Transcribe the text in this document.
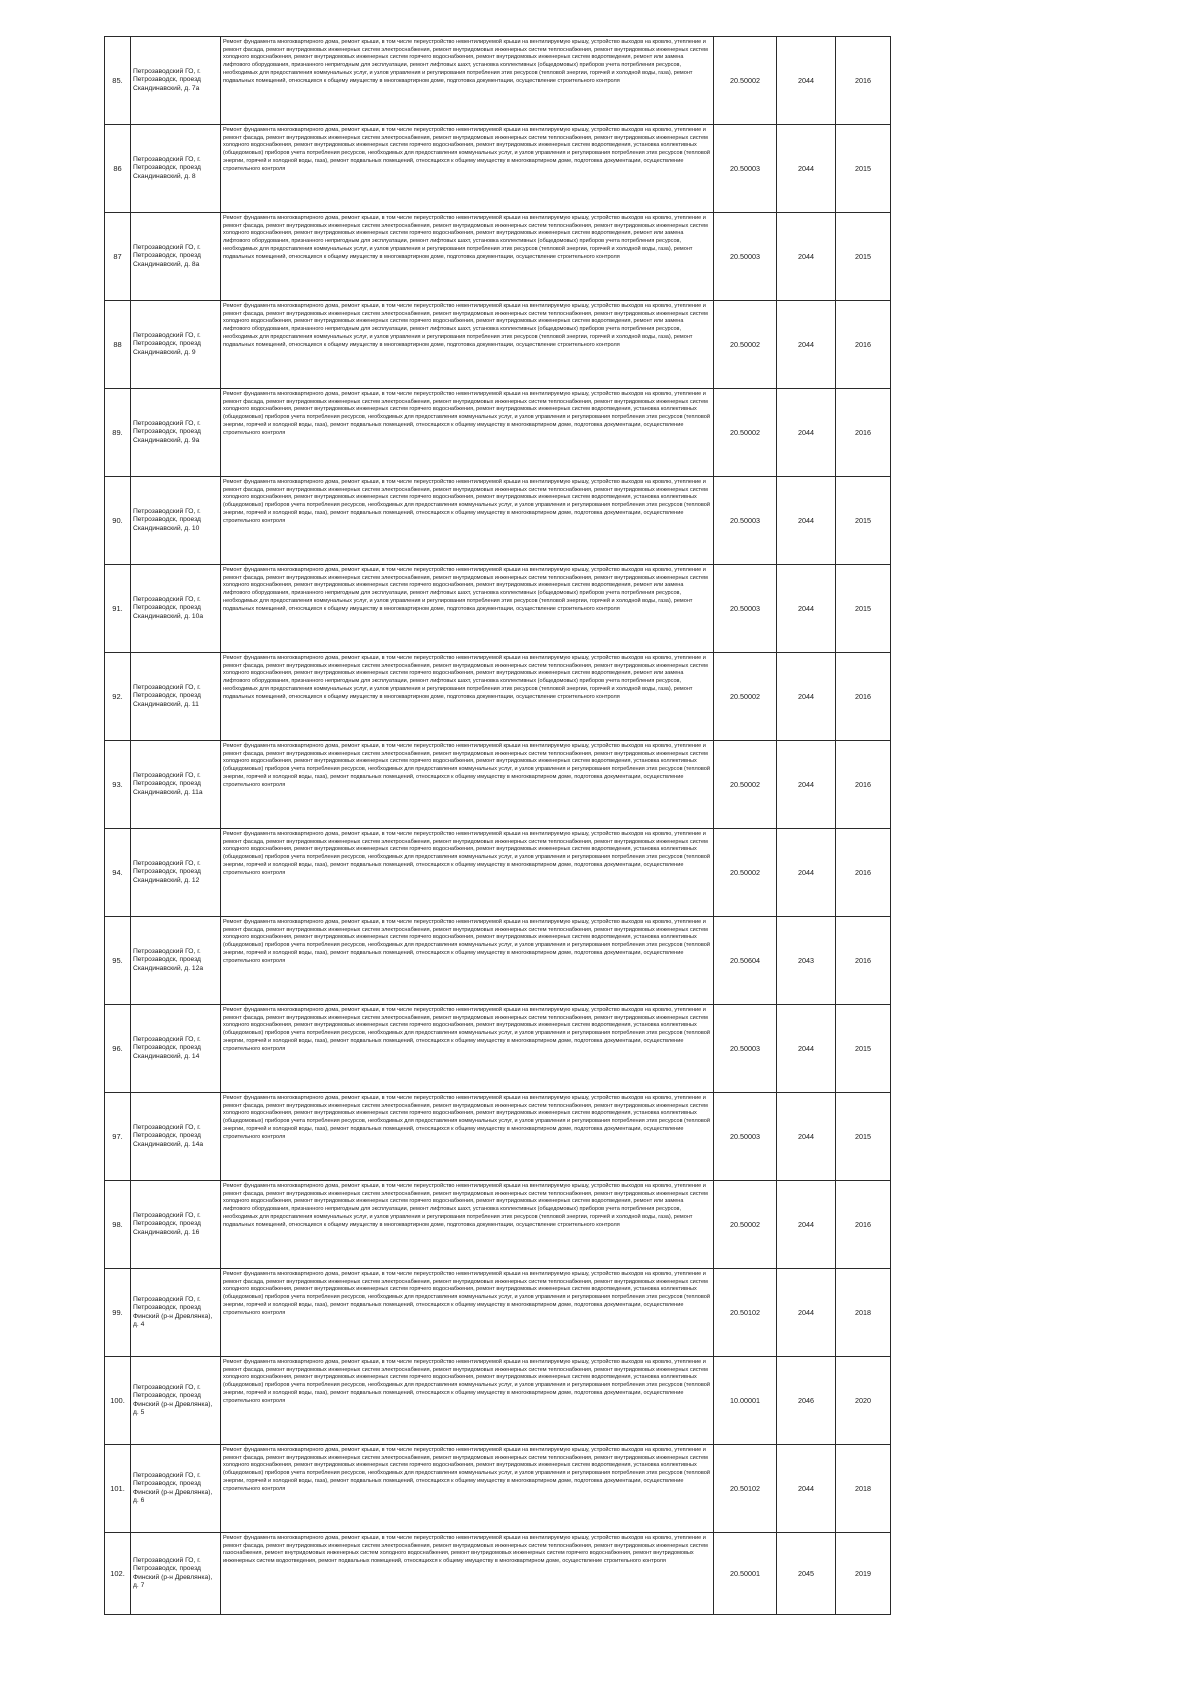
85.	Петрозаводский ГО, г. Петрозаводск, проезд Скандинавский, д. 7а	Ремонт фундамента многоквартирного дома, ремонт крыши, в том числе переустройство невентилируемой крыши на вентилируемую крышу, устройство выходов на кровлю, утепление и ремонт фасада, ремонт внутридомовых инженерных систем электроснабжения, ремонт внутридомовых инженерных систем теплоснабжения, ремонт внутридомовых инженерных систем холодного водоснабжения, ремонт внутридомовых инженерных систем горячего водоснабжения, ремонт внутридомовых инженерных систем водоотведения, ремонт или замена лифтового оборудования, признанного непригодным для эксплуатации, ремонт лифтовых шахт, установка коллективных (общедомовых) приборов учета потребления ресурсов, необходимых для предоставления коммунальных услуг, и узлов управления и регулирования потребления этих ресурсов (тепловой энергии, горячей и холодной воды, газа), ремонт подвальных помещений, относящихся к общему имуществу в многоквартирном доме, подготовка документации, осуществление строительного контроля	20.50002	2044	2016
86	Петрозаводский ГО, г. Петрозаводск, проезд Скандинавский, д. 8	Ремонт фундамента многоквартирного дома, ремонт крыши, в том числе переустройство невентилируемой крыши на вентилируемую крышу, устройство выходов на кровлю, утепление и ремонт фасада, ремонт внутридомовых инженерных систем электроснабжения, ремонт внутридомовых инженерных систем теплоснабжения, ремонт внутридомовых инженерных систем холодного водоснабжения, ремонт внутридомовых инженерных систем горячего водоснабжения, ремонт внутридомовых инженерных систем водоотведения, установка коллективных (общедомовых) приборов учета потребления ресурсов, необходимых для предоставления коммунальных услуг, и узлов управления и регулирования потребления этих ресурсов (тепловой энергии, горячей и холодной воды, газа), ремонт подвальных помещений, относящихся к общему имуществу в многоквартирном доме, подготовка документации, осуществление строительного контроля	20.50003	2044	2015
87	Петрозаводский ГО, г. Петрозаводск, проезд Скандинавский, д. 8а	Ремонт фундамента многоквартирного дома, ремонт крыши, в том числе переустройство невентилируемой крыши на вентилируемую крышу, устройство выходов на кровлю, утепление и ремонт фасада, ремонт внутридомовых инженерных систем электроснабжения, ремонт внутридомовых инженерных систем теплоснабжения, ремонт внутридомовых инженерных систем холодного водоснабжения, ремонт внутридомовых инженерных систем горячего водоснабжения, ремонт внутридомовых инженерных систем водоотведения, ремонт или замена лифтового оборудования, признанного непригодным для эксплуатации, ремонт лифтовых шахт, установка коллективных (общедомовых) приборов учета потребления ресурсов, необходимых для предоставления коммунальных услуг, и узлов управления и регулирования потребления этих ресурсов (тепловой энергии, горячей и холодной воды, газа), ремонт подвальных помещений, относящихся к общему имуществу в многоквартирном доме, подготовка документации, осуществление строительного контроля	20.50003	2044	2015
88	Петрозаводский ГО, г. Петрозаводск, проезд Скандинавский, д. 9	Ремонт фундамента многоквартирного дома, ремонт крыши, в том числе переустройство невентилируемой крыши на вентилируемую крышу, устройство выходов на кровлю, утепление и ремонт фасада, ремонт внутридомовых инженерных систем электроснабжения, ремонт внутридомовых инженерных систем теплоснабжения, ремонт внутридомовых инженерных систем холодного водоснабжения, ремонт внутридомовых инженерных систем горячего водоснабжения, ремонт внутридомовых инженерных систем водоотведения, ремонт или замена лифтового оборудования, признанного непригодным для эксплуатации, ремонт лифтовых шахт, установка коллективных (общедомовых) приборов учета потребления ресурсов, необходимых для предоставления коммунальных услуг, и узлов управления и регулирования потребления этих ресурсов (тепловой энергии, горячей и холодной воды, газа), ремонт подвальных помещений, относящихся к общему имуществу в многоквартирном доме, подготовка документации, осуществление строительного контроля	20.50002	2044	2016
89.	Петрозаводский ГО, г. Петрозаводск, проезд Скандинавский, д. 9а	Ремонт фундамента многоквартирного дома, ремонт крыши, в том числе переустройство невентилируемой крыши на вентилируемую крышу, устройство выходов на кровлю, утепление и ремонт фасада, ремонт внутридомовых инженерных систем электроснабжения, ремонт внутридомовых инженерных систем теплоснабжения, ремонт внутридомовых инженерных систем холодного водоснабжения, ремонт внутридомовых инженерных систем горячего водоснабжения, ремонт внутридомовых инженерных систем водоотведения, установка коллективных (общедомовых) приборов учета потребления ресурсов, необходимых для предоставления коммунальных услуг, и узлов управления и регулирования потребления этих ресурсов (тепловой энергии, горячей и холодной воды, газа), ремонт подвальных помещений, относящихся к общему имуществу в многоквартирном доме, подготовка документации, осуществление строительного контроля	20.50002	2044	2016
90.	Петрозаводский ГО, г. Петрозаводск, проезд Скандинавский, д. 10	Ремонт фундамента многоквартирного дома, ремонт крыши, в том числе переустройство невентилируемой крыши на вентилируемую крышу, устройство выходов на кровлю, утепление и ремонт фасада, ремонт внутридомовых инженерных систем электроснабжения, ремонт внутридомовых инженерных систем теплоснабжения, ремонт внутридомовых инженерных систем холодного водоснабжения, ремонт внутридомовых инженерных систем горячего водоснабжения, ремонт внутридомовых инженерных систем водоотведения, установка коллективных (общедомовых) приборов учета потребления ресурсов, необходимых для предоставления коммунальных услуг, и узлов управления и регулирования потребления этих ресурсов (тепловой энергии, горячей и холодной воды, газа), ремонт подвальных помещений, относящихся к общему имуществу в многоквартирном доме, подготовка документации, осуществление строительного контроля	20.50003	2044	2015
91.	Петрозаводский ГО, г. Петрозаводск, проезд Скандинавский, д. 10а	Ремонт фундамента многоквартирного дома, ремонт крыши, в том числе переустройство невентилируемой крыши на вентилируемую крышу, устройство выходов на кровлю, утепление и ремонт фасада, ремонт внутридомовых инженерных систем электроснабжения, ремонт внутридомовых инженерных систем теплоснабжения, ремонт внутридомовых инженерных систем холодного водоснабжения, ремонт внутридомовых инженерных систем горячего водоснабжения, ремонт внутридомовых инженерных систем водоотведения, ремонт или замена лифтового оборудования, признанного непригодным для эксплуатации, ремонт лифтовых шахт, установка коллективных (общедомовых) приборов учета потребления ресурсов, необходимых для предоставления коммунальных услуг, и узлов управления и регулирования потребления этих ресурсов (тепловой энергии, горячей и холодной воды, газа), ремонт подвальных помещений, относящихся к общему имуществу в многоквартирном доме, подготовка документации, осуществление строительного контроля	20.50003	2044	2015
92.	Петрозаводский ГО, г. Петрозаводск, проезд Скандинавский, д. 11	Ремонт фундамента многоквартирного дома, ремонт крыши, в том числе переустройство невентилируемой крыши на вентилируемую крышу, устройство выходов на кровлю, утепление и ремонт фасада, ремонт внутридомовых инженерных систем электроснабжения, ремонт внутридомовых инженерных систем теплоснабжения, ремонт внутридомовых инженерных систем холодного водоснабжения, ремонт внутридомовых инженерных систем горячего водоснабжения, ремонт внутридомовых инженерных систем водоотведения, ремонт или замена лифтового оборудования, признанного непригодным для эксплуатации, ремонт лифтовых шахт, установка коллективных (общедомовых) приборов учета потребления ресурсов, необходимых для предоставления коммунальных услуг, и узлов управления и регулирования потребления этих ресурсов (тепловой энергии, горячей и холодной воды, газа), ремонт подвальных помещений, относящихся к общему имуществу в многоквартирном доме, подготовка документации, осуществление строительного контроля	20.50002	2044	2016
93.	Петрозаводский ГО, г. Петрозаводск, проезд Скандинавский, д. 11а	Ремонт фундамента многоквартирного дома, ремонт крыши, в том числе переустройство невентилируемой крыши на вентилируемую крышу, устройство выходов на кровлю, утепление и ремонт фасада, ремонт внутридомовых инженерных систем электроснабжения, ремонт внутридомовых инженерных систем теплоснабжения, ремонт внутридомовых инженерных систем холодного водоснабжения, ремонт внутридомовых инженерных систем горячего водоснабжения, ремонт внутридомовых инженерных систем водоотведения, установка коллективных (общедомовых) приборов учета потребления ресурсов, необходимых для предоставления коммунальных услуг, и узлов управления и регулирования потребления этих ресурсов (тепловой энергии, горячей и холодной воды, газа), ремонт подвальных помещений, относящихся к общему имуществу в многоквартирном доме, подготовка документации, осуществление строительного контроля	20.50002	2044	2016
94.	Петрозаводский ГО, г. Петрозаводск, проезд Скандинавский, д. 12	Ремонт фундамента многоквартирного дома, ремонт крыши, в том числе переустройство невентилируемой крыши на вентилируемую крышу, устройство выходов на кровлю, утепление и ремонт фасада, ремонт внутридомовых инженерных систем электроснабжения, ремонт внутридомовых инженерных систем теплоснабжения, ремонт внутридомовых инженерных систем холодного водоснабжения, ремонт внутридомовых инженерных систем горячего водоснабжения, ремонт внутридомовых инженерных систем водоотведения, установка коллективных (общедомовых) приборов учета потребления ресурсов, необходимых для предоставления коммунальных услуг, и узлов управления и регулирования потребления этих ресурсов (тепловой энергии, горячей и холодной воды, газа), ремонт подвальных помещений, относящихся к общему имуществу в многоквартирном доме, подготовка документации, осуществление строительного контроля	20.50002	2044	2016
95.	Петрозаводский ГО, г. Петрозаводск, проезд Скандинавский, д. 12а	Ремонт фундамента многоквартирного дома, ремонт крыши, в том числе переустройство невентилируемой крыши на вентилируемую крышу, устройство выходов на кровлю, утепление и ремонт фасада, ремонт внутридомовых инженерных систем электроснабжения, ремонт внутридомовых инженерных систем теплоснабжения, ремонт внутридомовых инженерных систем холодного водоснабжения, ремонт внутридомовых инженерных систем горячего водоснабжения, ремонт внутридомовых инженерных систем водоотведения, установка коллективных (общедомовых) приборов учета потребления ресурсов, необходимых для предоставления коммунальных услуг, и узлов управления и регулирования потребления этих ресурсов (тепловой энергии, горячей и холодной воды, газа), ремонт подвальных помещений, относящихся к общему имуществу в многоквартирном доме, подготовка документации, осуществление строительного контроля	20.50604	2043	2016
96.	Петрозаводский ГО, г. Петрозаводск, проезд Скандинавский, д. 14	Ремонт фундамента многоквартирного дома, ремонт крыши, в том числе переустройство невентилируемой крыши на вентилируемую крышу, устройство выходов на кровлю, утепление и ремонт фасада, ремонт внутридомовых инженерных систем электроснабжения, ремонт внутридомовых инженерных систем теплоснабжения, ремонт внутридомовых инженерных систем холодного водоснабжения, ремонт внутридомовых инженерных систем горячего водоснабжения, ремонт внутридомовых инженерных систем водоотведения, установка коллективных (общедомовых) приборов учета потребления ресурсов, необходимых для предоставления коммунальных услуг, и узлов управления и регулирования потребления этих ресурсов (тепловой энергии, горячей и холодной воды, газа), ремонт подвальных помещений, относящихся к общему имуществу в многоквартирном доме, подготовка документации, осуществление строительного контроля	20.50003	2044	2015
97.	Петрозаводский ГО, г. Петрозаводск, проезд Скандинавский, д. 14а	Ремонт фундамента многоквартирного дома, ремонт крыши, в том числе переустройство невентилируемой крыши на вентилируемую крышу, устройство выходов на кровлю, утепление и ремонт фасада, ремонт внутридомовых инженерных систем электроснабжения, ремонт внутридомовых инженерных систем теплоснабжения, ремонт внутридомовых инженерных систем холодного водоснабжения, ремонт внутридомовых инженерных систем горячего водоснабжения, ремонт внутридомовых инженерных систем водоотведения, установка коллективных (общедомовых) приборов учета потребления ресурсов, необходимых для предоставления коммунальных услуг, и узлов управления и регулирования потребления этих ресурсов (тепловой энергии, горячей и холодной воды, газа), ремонт подвальных помещений, относящихся к общему имуществу в многоквартирном доме, подготовка документации, осуществление строительного контроля	20.50003	2044	2015
98.	Петрозаводский ГО, г. Петрозаводск, проезд Скандинавский, д. 16	Ремонт фундамента многоквартирного дома, ремонт крыши, в том числе переустройство невентилируемой крыши на вентилируемую крышу, устройство выходов на кровлю, утепление и ремонт фасада, ремонт внутридомовых инженерных систем электроснабжения, ремонт внутридомовых инженерных систем теплоснабжения, ремонт внутридомовых инженерных систем холодного водоснабжения, ремонт внутридомовых инженерных систем горячего водоснабжения, ремонт внутридомовых инженерных систем водоотведения, ремонт или замена лифтового оборудования, признанного непригодным для эксплуатации, ремонт лифтовых шахт, установка коллективных (общедомовых) приборов учета потребления ресурсов, необходимых для предоставления коммунальных услуг, и узлов управления и регулирования потребления этих ресурсов (тепловой энергии, горячей и холодной воды, газа), ремонт подвальных помещений, относящихся к общему имуществу в многоквартирном доме, подготовка документации, осуществление строительного контроля	20.50002	2044	2016
99.	Петрозаводский ГО, г. Петрозаводск, проезд Финский (р-н Древлянка), д. 4	Ремонт фундамента многоквартирного дома, ремонт крыши, в том числе переустройство невентилируемой крыши на вентилируемую крышу, устройство выходов на кровлю, утепление и ремонт фасада, ремонт внутридомовых инженерных систем электроснабжения, ремонт внутридомовых инженерных систем теплоснабжения, ремонт внутридомовых инженерных систем холодного водоснабжения, ремонт внутридомовых инженерных систем горячего водоснабжения, ремонт внутридомовых инженерных систем водоотведения, установка коллективных (общедомовых) приборов учета потребления ресурсов, необходимых для предоставления коммунальных услуг, и узлов управления и регулирования потребления этих ресурсов (тепловой энергии, горячей и холодной воды, газа), ремонт подвальных помещений, относящихся к общему имуществу в многоквартирном доме, подготовка документации, осуществление строительного контроля	20.50102	2044	2018
100.	Петрозаводский ГО, г. Петрозаводск, проезд Финский (р-н Древлянка), д. 5	Ремонт фундамента многоквартирного дома, ремонт крыши, в том числе переустройство невентилируемой крыши на вентилируемую крышу, устройство выходов на кровлю, утепление и ремонт фасада, ремонт внутридомовых инженерных систем электроснабжения, ремонт внутридомовых инженерных систем теплоснабжения, ремонт внутридомовых инженерных систем холодного водоснабжения, ремонт внутридомовых инженерных систем горячего водоснабжения, ремонт внутридомовых инженерных систем водоотведения, установка коллективных (общедомовых) приборов учета потребления ресурсов, необходимых для предоставления коммунальных услуг, и узлов управления и регулирования потребления этих ресурсов (тепловой энергии, горячей и холодной воды, газа), ремонт подвальных помещений, относящихся к общему имуществу в многоквартирном доме, подготовка документации, осуществление строительного контроля	10.00001	2046	2020
101.	Петрозаводский ГО, г. Петрозаводск, проезд Финский (р-н Древлянка), д. 6	Ремонт фундамента многоквартирного дома, ремонт крыши, в том числе переустройство невентилируемой крыши на вентилируемую крышу, устройство выходов на кровлю, утепление и ремонт фасада, ремонт внутридомовых инженерных систем электроснабжения, ремонт внутридомовых инженерных систем теплоснабжения, ремонт внутридомовых инженерных систем холодного водоснабжения, ремонт внутридомовых инженерных систем горячего водоснабжения, ремонт внутридомовых инженерных систем водоотведения, установка коллективных (общедомовых) приборов учета потребления ресурсов, необходимых для предоставления коммунальных услуг, и узлов управления и регулирования потребления этих ресурсов (тепловой энергии, горячей и холодной воды, газа), ремонт подвальных помещений, относящихся к общему имуществу в многоквартирном доме, подготовка документации, осуществление строительного контроля	20.50102	2044	2018
102.	Петрозаводский ГО, г. Петрозаводск, проезд Финский (р-н Древлянка), д. 7	Ремонт фундамента многоквартирного дома, ремонт крыши, в том числе переустройство невентилируемой крыши на вентилируемую крышу, устройство выходов на кровлю, утепление и ремонт фасада, ремонт внутридомовых инженерных систем электроснабжения, ремонт внутридомовых инженерных систем теплоснабжения, ремонт внутридомовых инженерных систем газоснабжения, ремонт внутридомовых инженерных систем холодного водоснабжения, ремонт внутридомовых инженерных систем горячего водоснабжения, ремонт внутридомовых инженерных систем водоотведения, ремонт подвальных помещений, относящихся к общему имуществу в многоквартирном доме, осуществление строительного контроля	20.50001	2045	2019
